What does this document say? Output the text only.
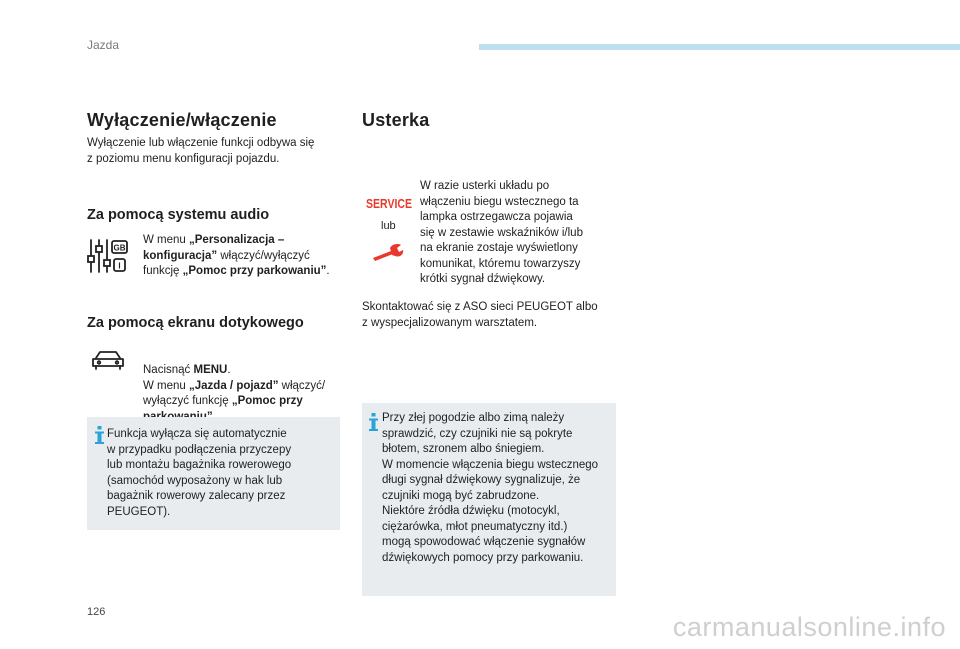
Jazda
Wyłączenie/włączenie
Wyłączenie lub włączenie funkcji odbywa się
z poziomu menu konfiguracji pojazdu.
Za pomocą systemu audio
GB
I
W menu „Personalizacja –
konfiguracja” włączyć/wyłączyć
funkcję „Pomoc przy parkowaniu”.
Za pomocą ekranu dotykowego
Nacisnąć MENU.
W menu „Jazda / pojazd” włączyć/
wyłączyć funkcję „Pomoc przy
Funkcja wyłącza się automatycznie
w przypadku podłączenia przyczepy
lub montażu bagażnika rowerowego
(samochód wyposażony w hak lub
bagażnik rowerowy zalecany przez
PEUGEOT).
Usterka
SERVICE
lub
W razie usterki układu po
włączeniu biegu wstecznego ta
lampka ostrzegawcza pojawia
się w zestawie wskaźników i/lub
na ekranie zostaje wyświetlony
komunikat, któremu towarzyszy
krótki sygnał dźwiękowy.
Skontaktować się z ASO sieci PEUGEOT albo
z wyspecjalizowanym warsztatem.
Przy złej pogodzie albo zimą należy
sprawdzić, czy czujniki nie są pokryte
błotem, szronem albo śniegiem.
W momencie włączenia biegu wstecznego
długi sygnał dźwiękowy sygnalizuje, że
czujniki mogą być zabrudzone.
Niektóre źródła dźwięku (motocykl,
ciężarówka, młot pneumatyczny itd.)
mogą spowodować włączenie sygnałów
dźwiękowych pomocy przy parkowaniu.
126	carmanualsonline.info
